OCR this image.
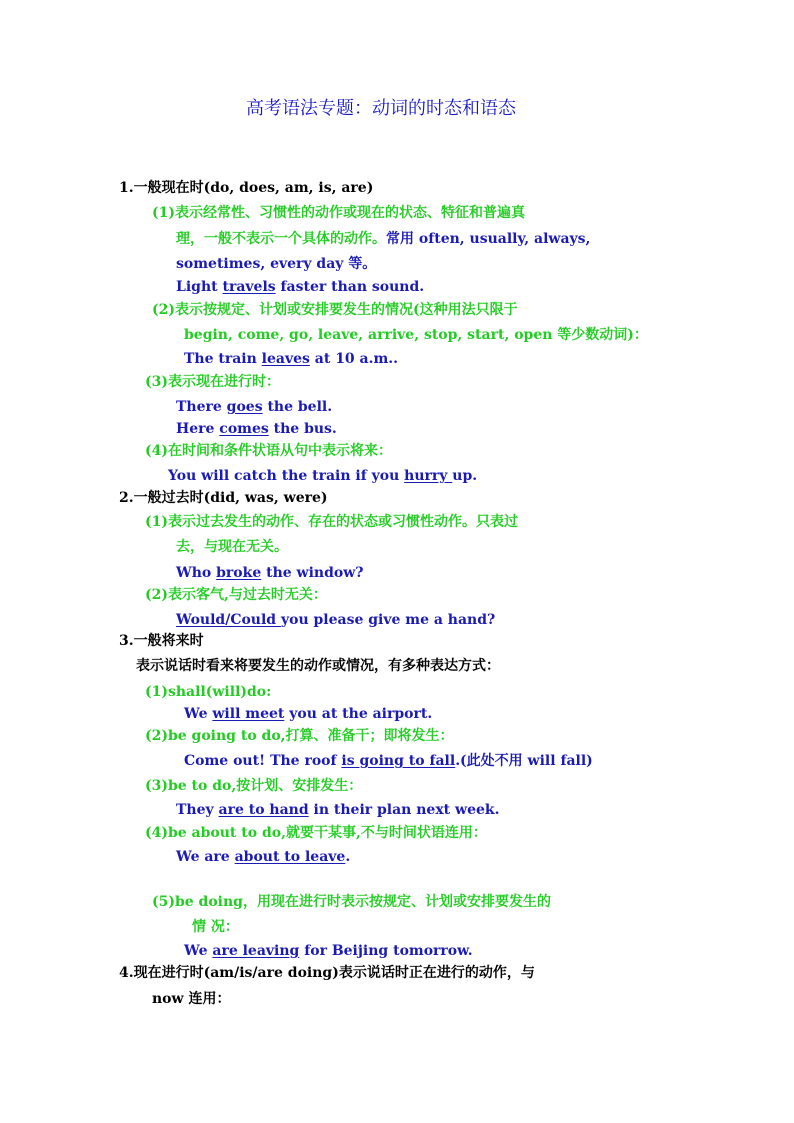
高考语法专题：动词的时态和语态
1.一般现在时(do, does, am, is, are)
(1)表示经常性、习惯性的动作或现在的状态、特征和普遍真
理，一般不表示一个具体的动作。常用 often, usually, always,
sometimes, every day 等。
Light travels faster than sound.
(2)表示按规定、计划或安排要发生的情况(这种用法只限于
begin, come, go, leave, arrive, stop, start, open 等少数动词)：
The train leaves at 10 a.m..
(3)表示现在进行时：
There goes the bell.
Here comes the bus.
(4)在时间和条件状语从句中表示将来：
You will catch the train if you hurry up.
2.一般过去时(did, was, were)
(1)表示过去发生的动作、存在的状态或习惯性动作。只表过
去，与现在无关。
Who broke the window?
(2)表示客气,与过去时无关：
Would/Could you please give me a hand?
3.一般将来时
表示说话时看来将要发生的动作或情况，有多种表达方式：
(1)shall(will)do:
We will meet you at the airport.
(2)be going to do,打算、准备干；即将发生：
Come out! The roof is going to fall.(此处不用 will fall)
(3)be to do,按计划、安排发生：
They are to hand in their plan next week.
(4)be about to do,就要干某事,不与时间状语连用：
We are about to leave.
(5)be doing，用现在进行时表示按规定、计划或安排要发生的
情 况：
We are leaving for Beijing tomorrow.
4.现在进行时(am/is/are doing)表示说话时正在进行的动作，与
now 连用：
